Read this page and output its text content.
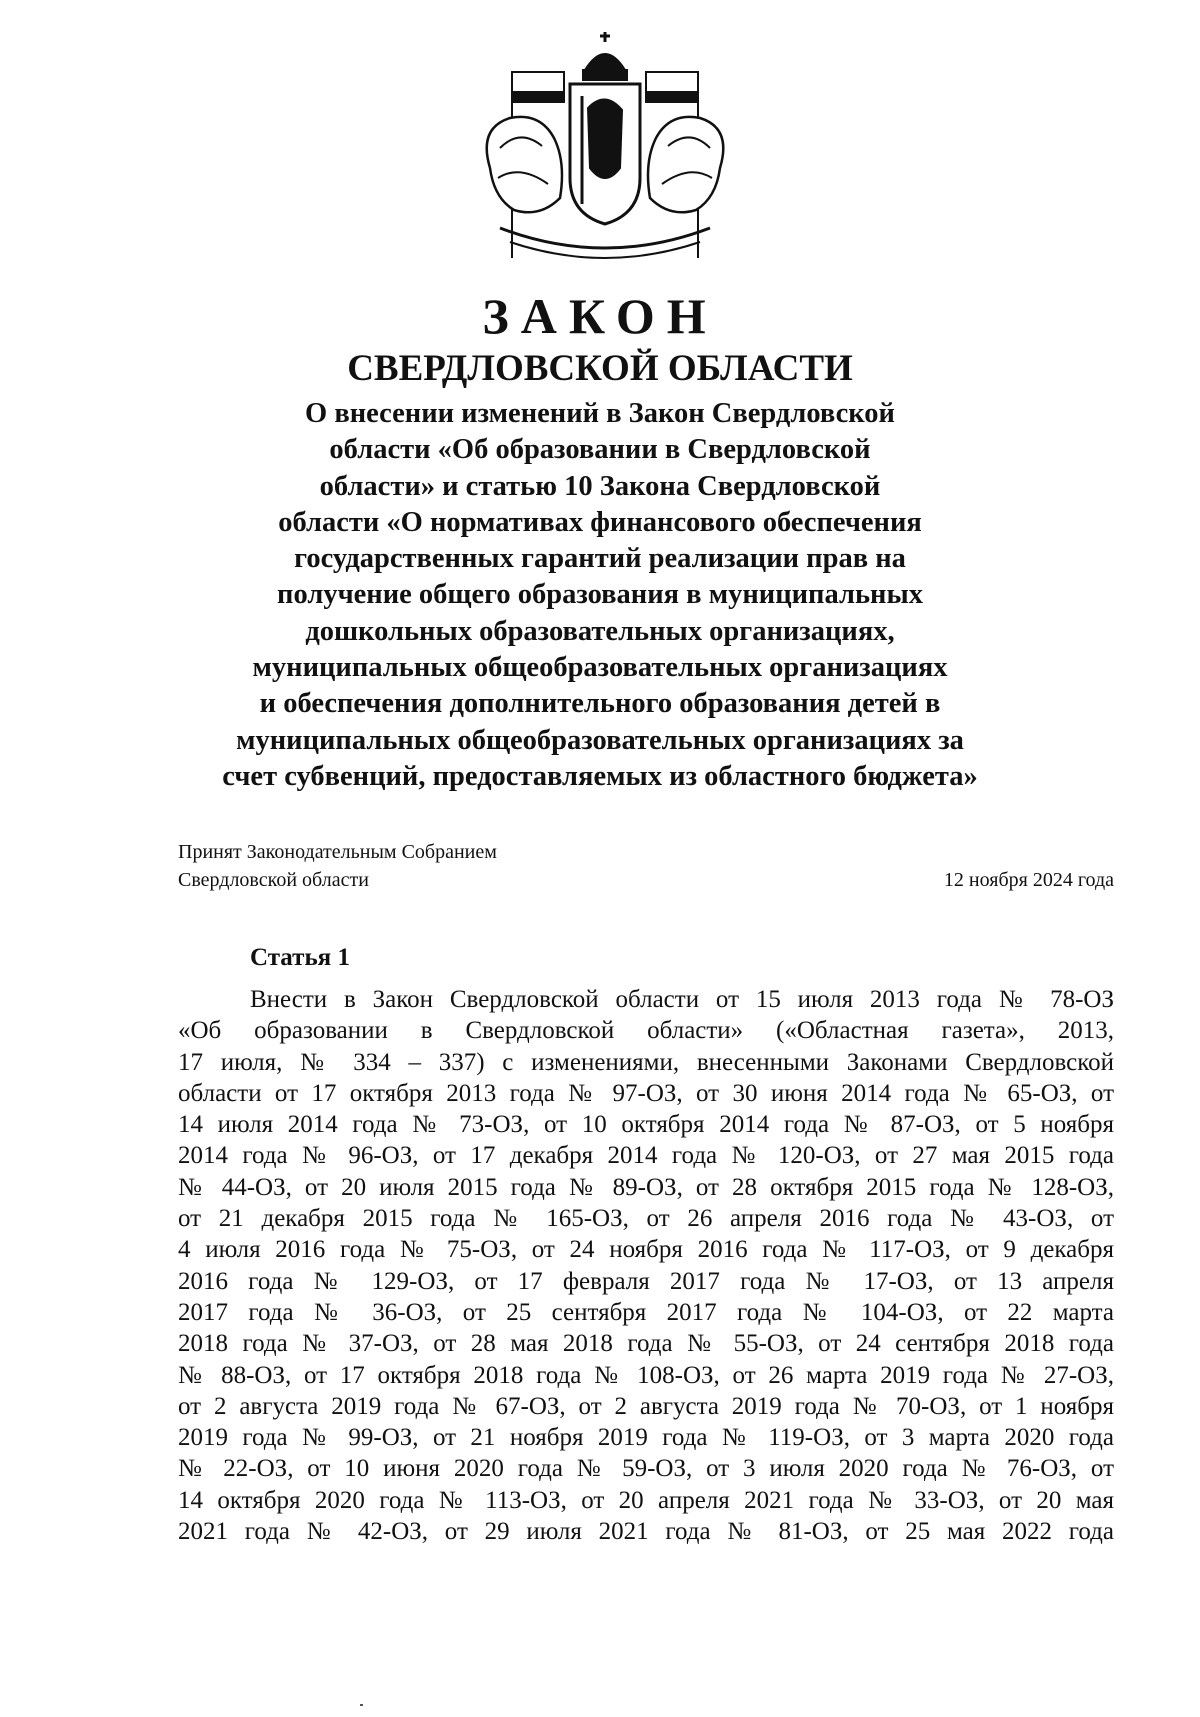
ЗАКОН
СВЕРДЛОВСКОЙ ОБЛАСТИ
О внесении изменений в Закон Свердловской
области «Об образовании в Свердловской
области» и статью 10 Закона Свердловской
области «О нормативах финансового обеспечения
государственных гарантий реализации прав на
получение общего образования в муниципальных
дошкольных образовательных организациях,
муниципальных общеобразовательных организациях
и обеспечения дополнительного образования детей в
муниципальных общеобразовательных организациях за
счет субвенций, предоставляемых из областного бюджета»
Принят Законодательным Собранием
Свердловской области	12 ноября 2024 года
Статья 1
Внести в Закон Свердловской области от 15 июля 2013 года № 78-ОЗ
«Об образовании в Свердловской области» («Областная газета», 2013,
17 июля, № 334 – 337) с изменениями, внесенными Законами Свердловской
области от 17 октября 2013 года № 97-ОЗ, от 30 июня 2014 года № 65-ОЗ, от
14 июля 2014 года № 73-ОЗ, от 10 октября 2014 года № 87-ОЗ, от 5 ноября
2014 года № 96-ОЗ, от 17 декабря 2014 года № 120-ОЗ, от 27 мая 2015 года
№ 44-ОЗ, от 20 июля 2015 года № 89-ОЗ, от 28 октября 2015 года № 128-ОЗ,
от 21 декабря 2015 года № 165-ОЗ, от 26 апреля 2016 года № 43-ОЗ, от
4 июля 2016 года № 75-ОЗ, от 24 ноября 2016 года № 117-ОЗ, от 9 декабря
2016 года № 129-ОЗ, от 17 февраля 2017 года № 17-ОЗ, от 13 апреля
2017 года № 36-ОЗ, от 25 сентября 2017 года № 104-ОЗ, от 22 марта
2018 года № 37-ОЗ, от 28 мая 2018 года № 55-ОЗ, от 24 сентября 2018 года
№ 88-ОЗ, от 17 октября 2018 года № 108-ОЗ, от 26 марта 2019 года № 27-ОЗ,
от 2 августа 2019 года № 67-ОЗ, от 2 августа 2019 года № 70-ОЗ, от 1 ноября
2019 года № 99-ОЗ, от 21 ноября 2019 года № 119-ОЗ, от 3 марта 2020 года
№ 22-ОЗ, от 10 июня 2020 года № 59-ОЗ, от 3 июля 2020 года № 76-ОЗ, от
14 октября 2020 года № 113-ОЗ, от 20 апреля 2021 года № 33-ОЗ, от 20 мая
2021 года № 42-ОЗ, от 29 июля 2021 года № 81-ОЗ, от 25 мая 2022 года
